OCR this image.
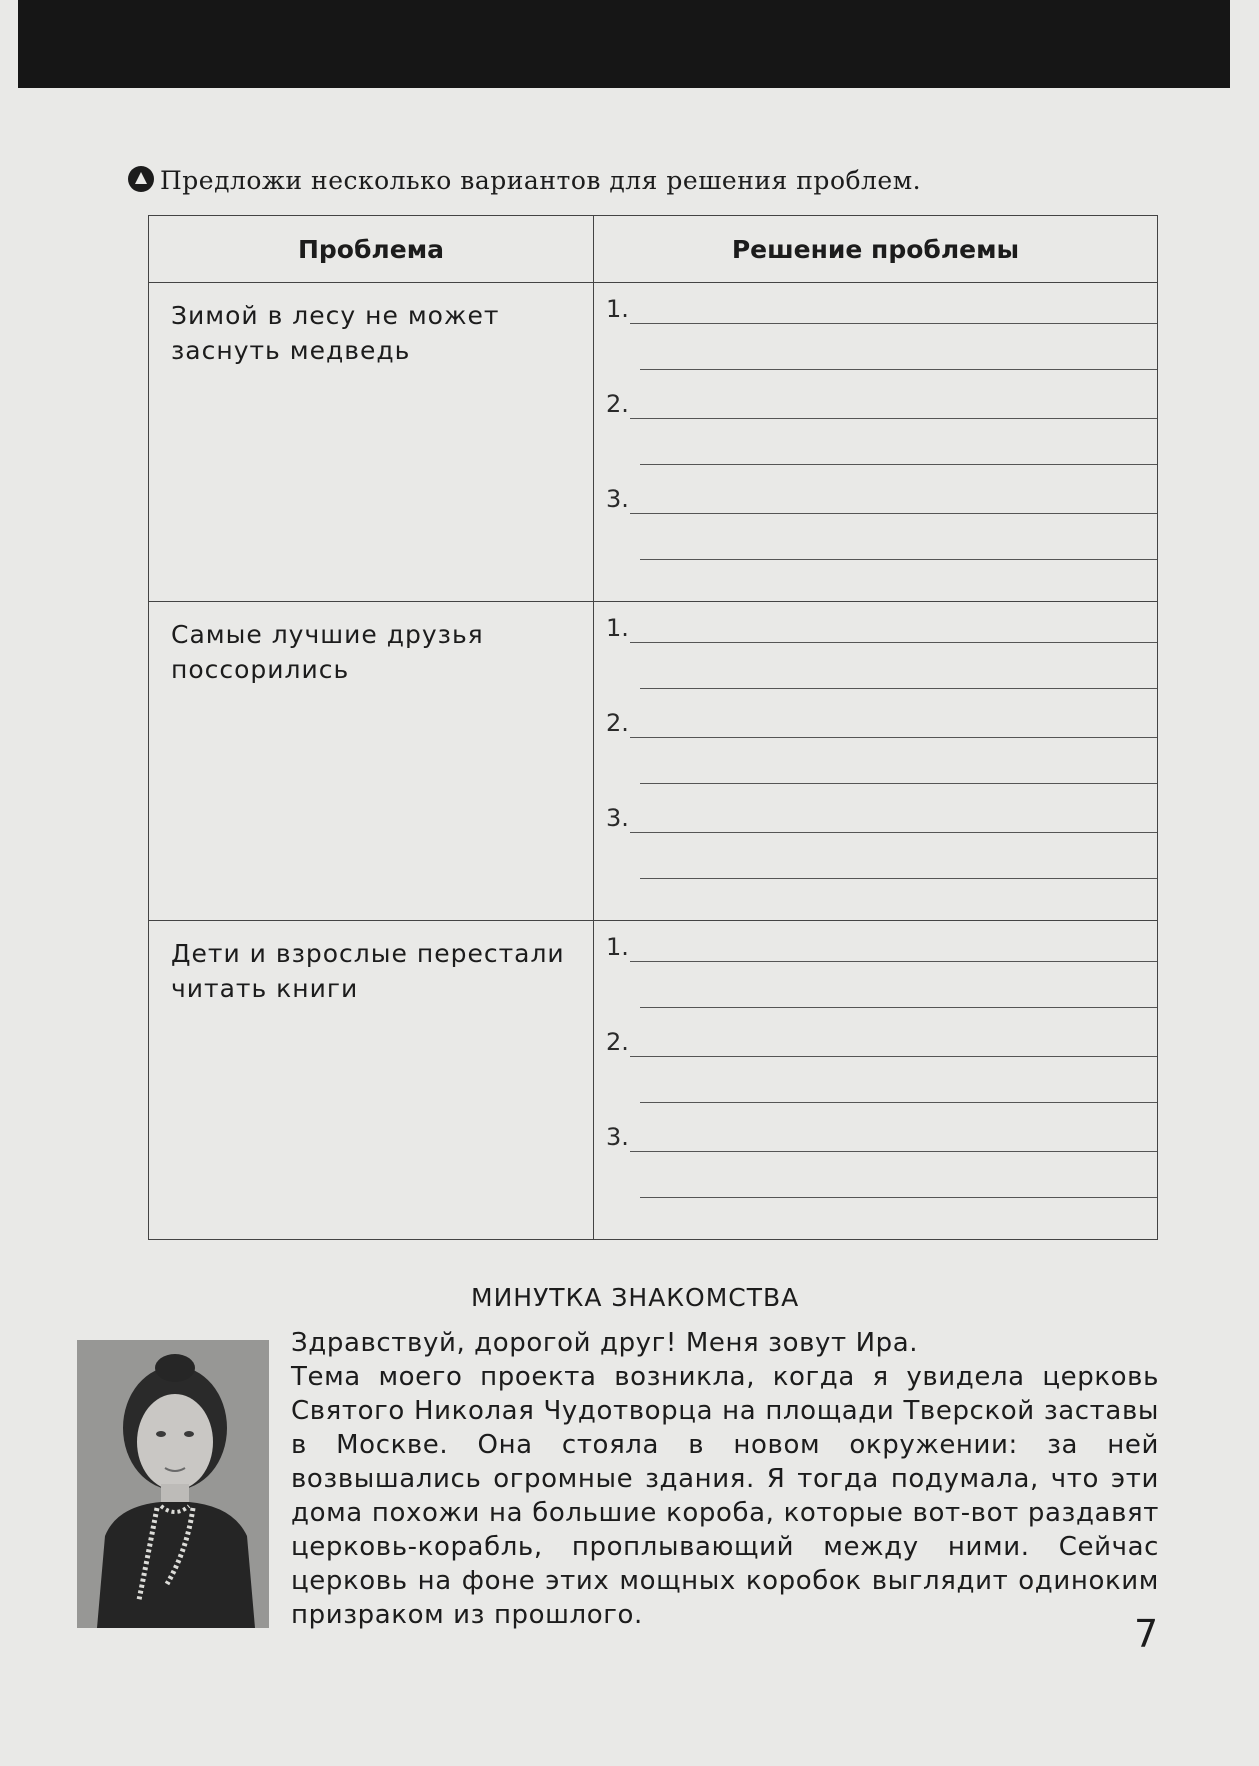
Предложи несколько вариантов для решения проблем.
Проблема	Решение проблемы
Зимой в лесу не может заснуть медведь	1.
2.
3.

Самые лучшие друзья поссорились	1.
2.
3.

Дети и взрослые перестали читать книги	1.
2.
3.
МИНУТКА ЗНАКОМСТВА

Здравствуй, дорогой друг! Меня зовут Ира.

Тема моего проекта возникла, когда я увидела церковь Святого Николая Чудотворца на площади Тверской заставы в Москве. Она стояла в новом окружении: за ней возвышались огромные здания. Я тогда подумала, что эти дома похожи на большие короба, которые вот-вот раздавят церковь-корабль, проплывающий между ними. Сейчас церковь на фоне этих мощных коробок выглядит одиноким призраком из прошлого.	7
